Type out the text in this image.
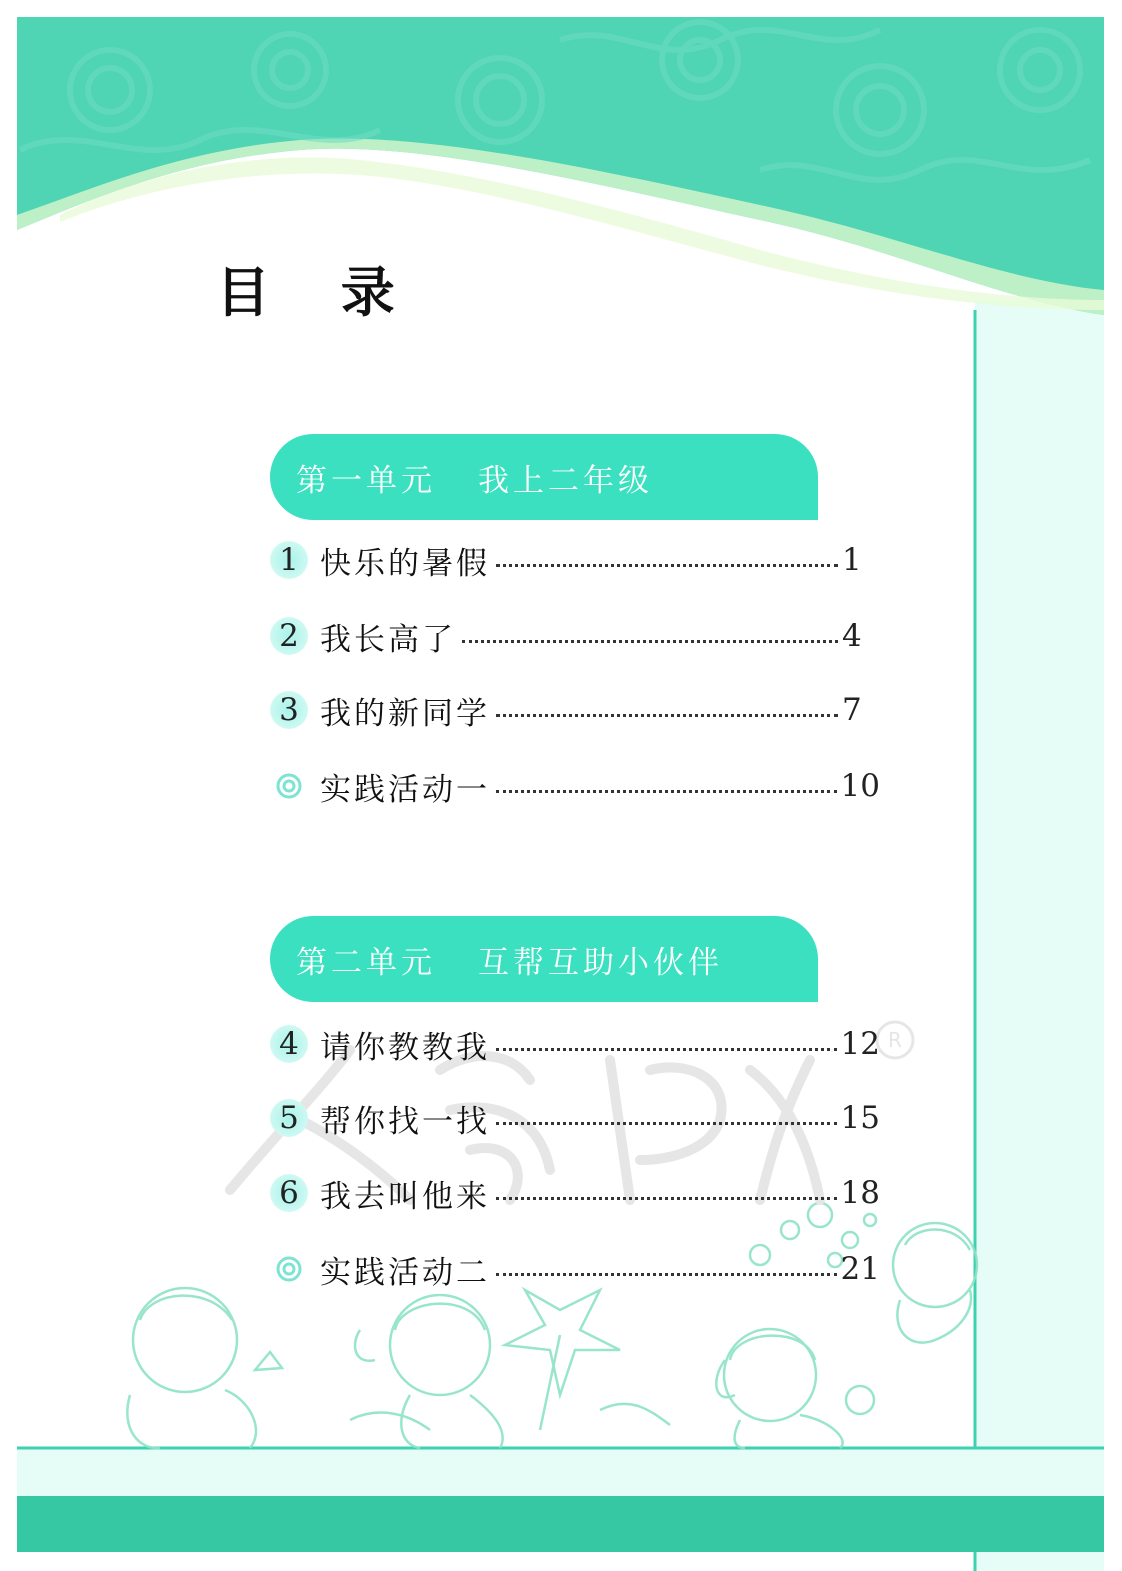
目 录
R
第一单元 我上二年级
1 快乐的暑假	1
2 我长高了	4
3 我的新同学	7
实践活动一	10
第二单元 互帮互助小伙伴
4 请你教教我	12
5 帮你找一找	15
6 我去叫他来	18
实践活动二	21
